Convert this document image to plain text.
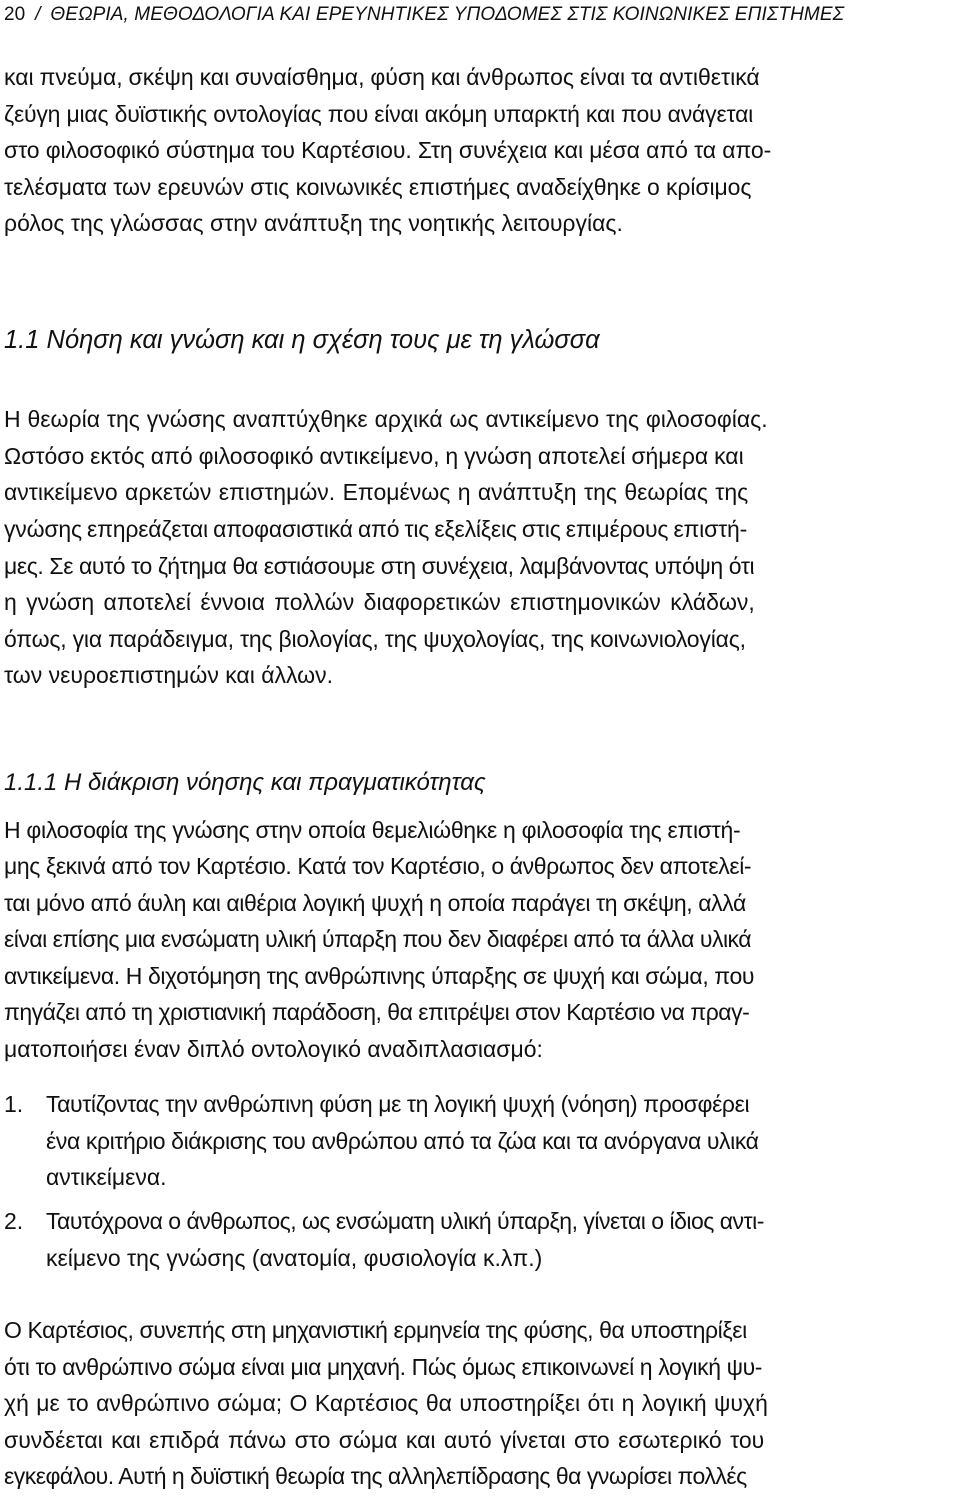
20 / ΘΕΩΡΙΑ, ΜΕΘΟΔΟΛΟΓΙΑ ΚΑΙ ΕΡΕΥΝΗΤΙΚΕΣ ΥΠΟΔΟΜΕΣ ΣΤΙΣ ΚΟΙΝΩΝΙΚΕΣ ΕΠΙΣΤΗΜΕΣ
και πνεύμα, σκέψη και συναίσθημα, φύση και άνθρωπος είναι τα αντιθετικά
ζεύγη μιας δυϊστικής οντολογίας που είναι ακόμη υπαρκτή και που ανάγεται
στο φιλοσοφικό σύστημα του Καρτέσιου. Στη συνέχεια και μέσα από τα απο-
τελέσματα των ερευνών στις κοινωνικές επιστήμες αναδείχθηκε ο κρίσιμος
ρόλος της γλώσσας στην ανάπτυξη της νοητικής λειτουργίας.
1.1 Νόηση και γνώση και η σχέση τους με τη γλώσσα
Η θεωρία της γνώσης αναπτύχθηκε αρχικά ως αντικείμενο της φιλοσοφίας.
Ωστόσο εκτός από φιλοσοφικό αντικείμενο, η γνώση αποτελεί σήμερα και
αντικείμενο αρκετών επιστημών. Επομένως η ανάπτυξη της θεωρίας της
γνώσης επηρεάζεται αποφασιστικά από τις εξελίξεις στις επιμέρους επιστή-
μες. Σε αυτό το ζήτημα θα εστιάσουμε στη συνέχεια, λαμβάνοντας υπόψη ότι
η γνώση αποτελεί έννοια πολλών διαφορετικών επιστημονικών κλάδων,
όπως, για παράδειγμα, της βιολογίας, της ψυχολογίας, της κοινωνιολογίας,
των νευροεπιστημών και άλλων.
1.1.1 Η διάκριση νόησης και πραγματικότητας
Η φιλοσοφία της γνώσης στην οποία θεμελιώθηκε η φιλοσοφία της επιστή-
μης ξεκινά από τον Καρτέσιο. Κατά τον Καρτέσιο, ο άνθρωπος δεν αποτελεί-
ται μόνο από άυλη και αιθέρια λογική ψυχή η οποία παράγει τη σκέψη, αλλά
είναι επίσης μια ενσώματη υλική ύπαρξη που δεν διαφέρει από τα άλλα υλικά
αντικείμενα. Η διχοτόμηση της ανθρώπινης ύπαρξης σε ψυχή και σώμα, που
πηγάζει από τη χριστιανική παράδοση, θα επιτρέψει στον Καρτέσιο να πραγ-
ματοποιήσει έναν διπλό οντολογικό αναδιπλασιασμό:
1. Ταυτίζοντας την ανθρώπινη φύση με τη λογική ψυχή (νόηση) προσφέρει
ένα κριτήριο διάκρισης του ανθρώπου από τα ζώα και τα ανόργανα υλικά
αντικείμενα.
2. Ταυτόχρονα ο άνθρωπος, ως ενσώματη υλική ύπαρξη, γίνεται ο ίδιος αντι-
κείμενο της γνώσης (ανατομία, φυσιολογία κ.λπ.)
Ο Καρτέσιος, συνεπής στη μηχανιστική ερμηνεία της φύσης, θα υποστηρίξει
ότι το ανθρώπινο σώμα είναι μια μηχανή. Πώς όμως επικοινωνεί η λογική ψυ-
χή με το ανθρώπινο σώμα; Ο Καρτέσιος θα υποστηρίξει ότι η λογική ψυχή
συνδέεται και επιδρά πάνω στο σώμα και αυτό γίνεται στο εσωτερικό του
εγκεφάλου. Αυτή η δυϊστική θεωρία της αλληλεπίδρασης θα γνωρίσει πολλές
